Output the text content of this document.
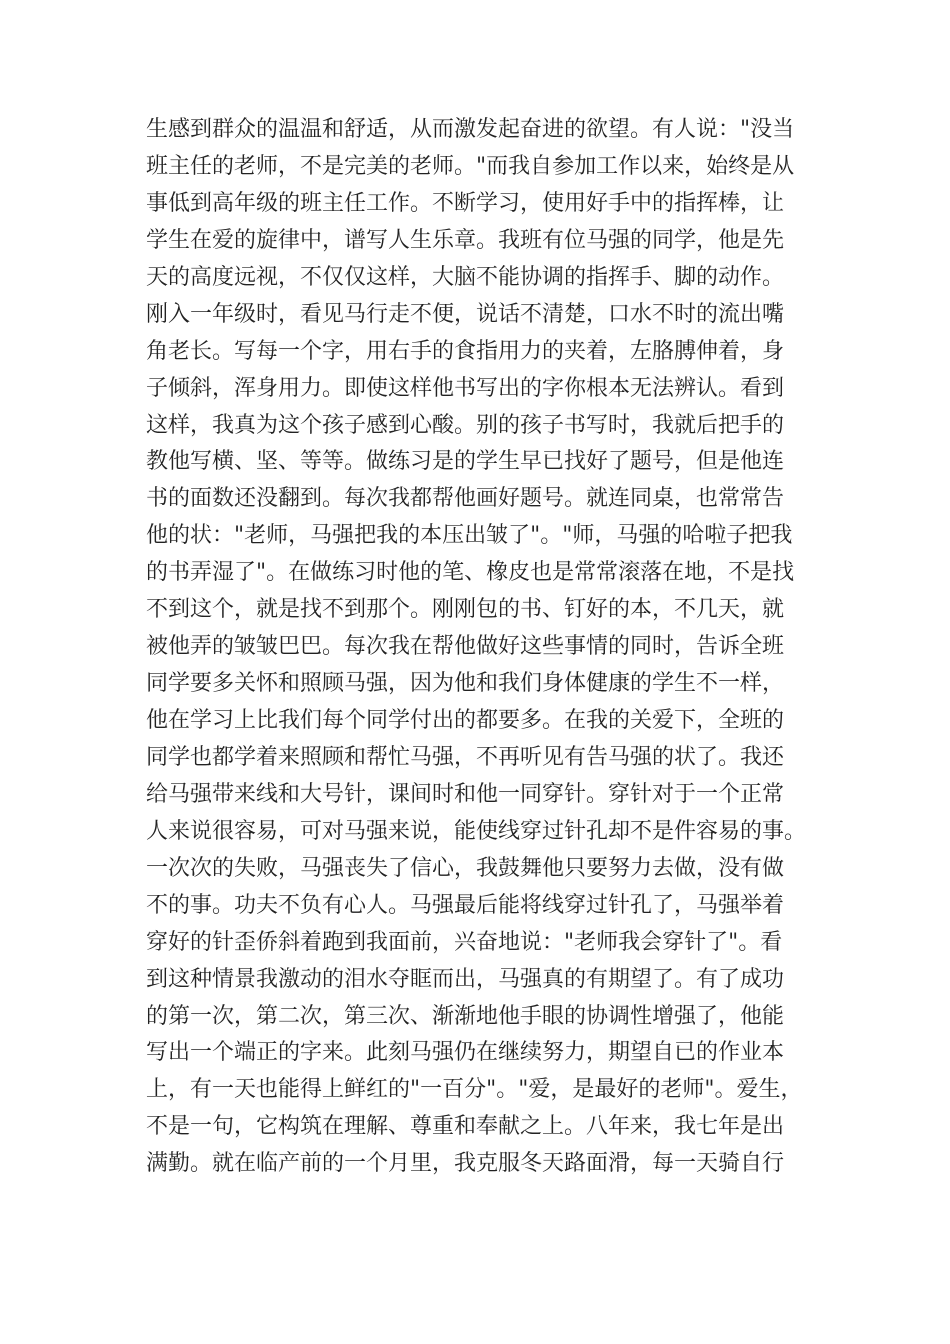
生感到群众的温温和舒适，从而激发起奋进的欲望。有人说："没当
班主任的老师，不是完美的老师。"而我自参加工作以来，始终是从
事低到高年级的班主任工作。不断学习，使用好手中的指挥棒，让
学生在爱的旋律中，谱写人生乐章。我班有位马强的同学，他是先
天的高度远视，不仅仅这样，大脑不能协调的指挥手、脚的动作。
刚入一年级时，看见马行走不便，说话不清楚，口水不时的流出嘴
角老长。写每一个字，用右手的食指用力的夹着，左胳膊伸着，身
子倾斜，浑身用力。即使这样他书写出的字你根本无法辨认。看到
这样，我真为这个孩子感到心酸。别的孩子书写时，我就后把手的
教他写横、坚、等等。做练习是的学生早已找好了题号，但是他连
书的面数还没翻到。每次我都帮他画好题号。就连同桌，也常常告
他的状："老师，马强把我的本压出皱了"。"师，马强的哈啦子把我
的书弄湿了"。在做练习时他的笔、橡皮也是常常滚落在地，不是找
不到这个，就是找不到那个。刚刚包的书、钉好的本，不几天，就
被他弄的皱皱巴巴。每次我在帮他做好这些事情的同时，告诉全班
同学要多关怀和照顾马强，因为他和我们身体健康的学生不一样，
他在学习上比我们每个同学付出的都要多。在我的关爱下，全班的
同学也都学着来照顾和帮忙马强，不再听见有告马强的状了。我还
给马强带来线和大号针，课间时和他一同穿针。穿针对于一个正常
人来说很容易，可对马强来说，能使线穿过针孔却不是件容易的事。
一次次的失败，马强丧失了信心，我鼓舞他只要努力去做，没有做
不的事。功夫不负有心人。马强最后能将线穿过针孔了，马强举着
穿好的针歪侨斜着跑到我面前，兴奋地说："老师我会穿针了"。看
到这种情景我激动的泪水夺眶而出，马强真的有期望了。有了成功
的第一次，第二次，第三次、渐渐地他手眼的协调性增强了，他能
写出一个端正的字来。此刻马强仍在继续努力，期望自已的作业本
上，有一天也能得上鲜红的"一百分"。"爱，是最好的老师"。爱生，
不是一句，它构筑在理解、尊重和奉献之上。八年来，我七年是出
满勤。就在临产前的一个月里，我克服冬天路面滑，每一天骑自行
